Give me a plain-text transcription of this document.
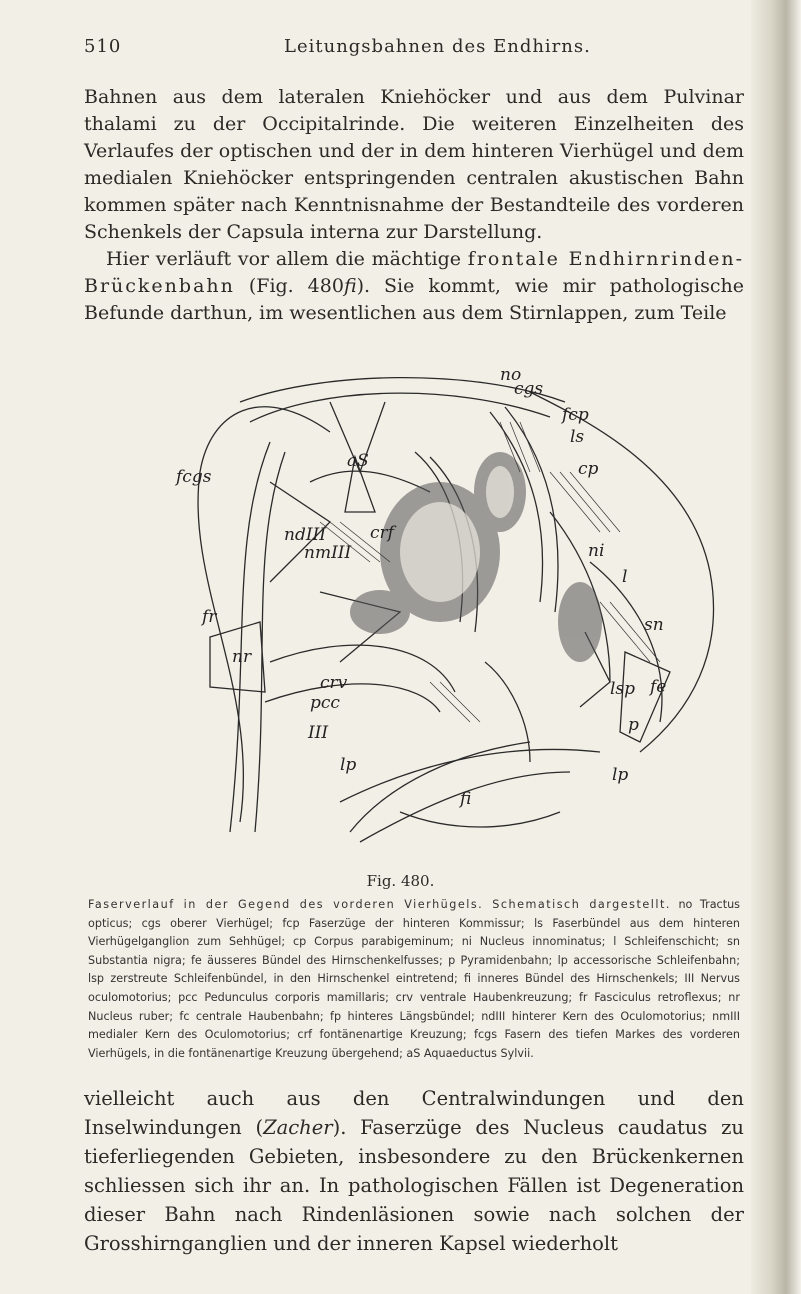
510	Leitungsbahnen des Endhirns.

Bahnen aus dem lateralen Kniehöcker und aus dem Pulvinar thalami zu der Occipitalrinde. Die weiteren Einzelheiten des Verlaufes der optischen und der in dem hinteren Vierhügel und dem medialen Kniehöcker entspringenden centralen akustischen Bahn kommen später nach Kenntnisnahme der Bestandteile des vorderen Schenkels der Capsula interna zur Darstellung.

Hier verläuft vor allem die mächtige frontale Endhirnrinden-Brückenbahn (Fig. 480fi). Sie kommt, wie mir pathologische Befunde darthun, im wesentlichen aus dem Stirnlappen, zum Teile

no
cgs
fcp
ls
cp
fcgs
aS
ndIII
nmIII
crf
ni
l
sn
fr
nr
fe
crv
pcc
lsp
p
III
lp	lp
fi
Fig. 480.

Faserverlauf in der Gegend des vorderen Vierhügels. Schematisch dargestellt. no Tractus opticus; cgs oberer Vierhügel; fcp Faserzüge der hinteren Kommissur; ls Faserbündel aus dem hinteren Vierhügelganglion zum Sehhügel; cp Corpus parabigeminum; ni Nucleus innominatus; l Schleifenschicht; sn Substantia nigra; fe äusseres Bündel des Hirnschenkelfusses; p Pyramidenbahn; lp accessorische Schleifenbahn; lsp zerstreute Schleifenbündel, in den Hirnschenkel eintretend; fi inneres Bündel des Hirnschenkels; III Nervus oculomotorius; pcc Pedunculus corporis mamillaris; crv ventrale Haubenkreuzung; fr Fasciculus retroflexus; nr Nucleus ruber; fc centrale Haubenbahn; fp hinteres Längsbündel; ndIII hinterer Kern des Oculomotorius; nmIII medialer Kern des Oculomotorius; crf fontänenartige Kreuzung; fcgs Fasern des tiefen Markes des vorderen Vierhügels, in die fontänenartige Kreuzung übergehend; aS Aquaeductus Sylvii.

vielleicht auch aus den Centralwindungen und den Inselwindungen (Zacher). Faserzüge des Nucleus caudatus zu tieferliegenden Gebieten, insbesondere zu den Brückenkernen schliessen sich ihr an. In pathologischen Fällen ist Degeneration dieser Bahn nach Rindenläsionen sowie nach solchen der Grosshirnganglien und der inneren Kapsel wiederholt
